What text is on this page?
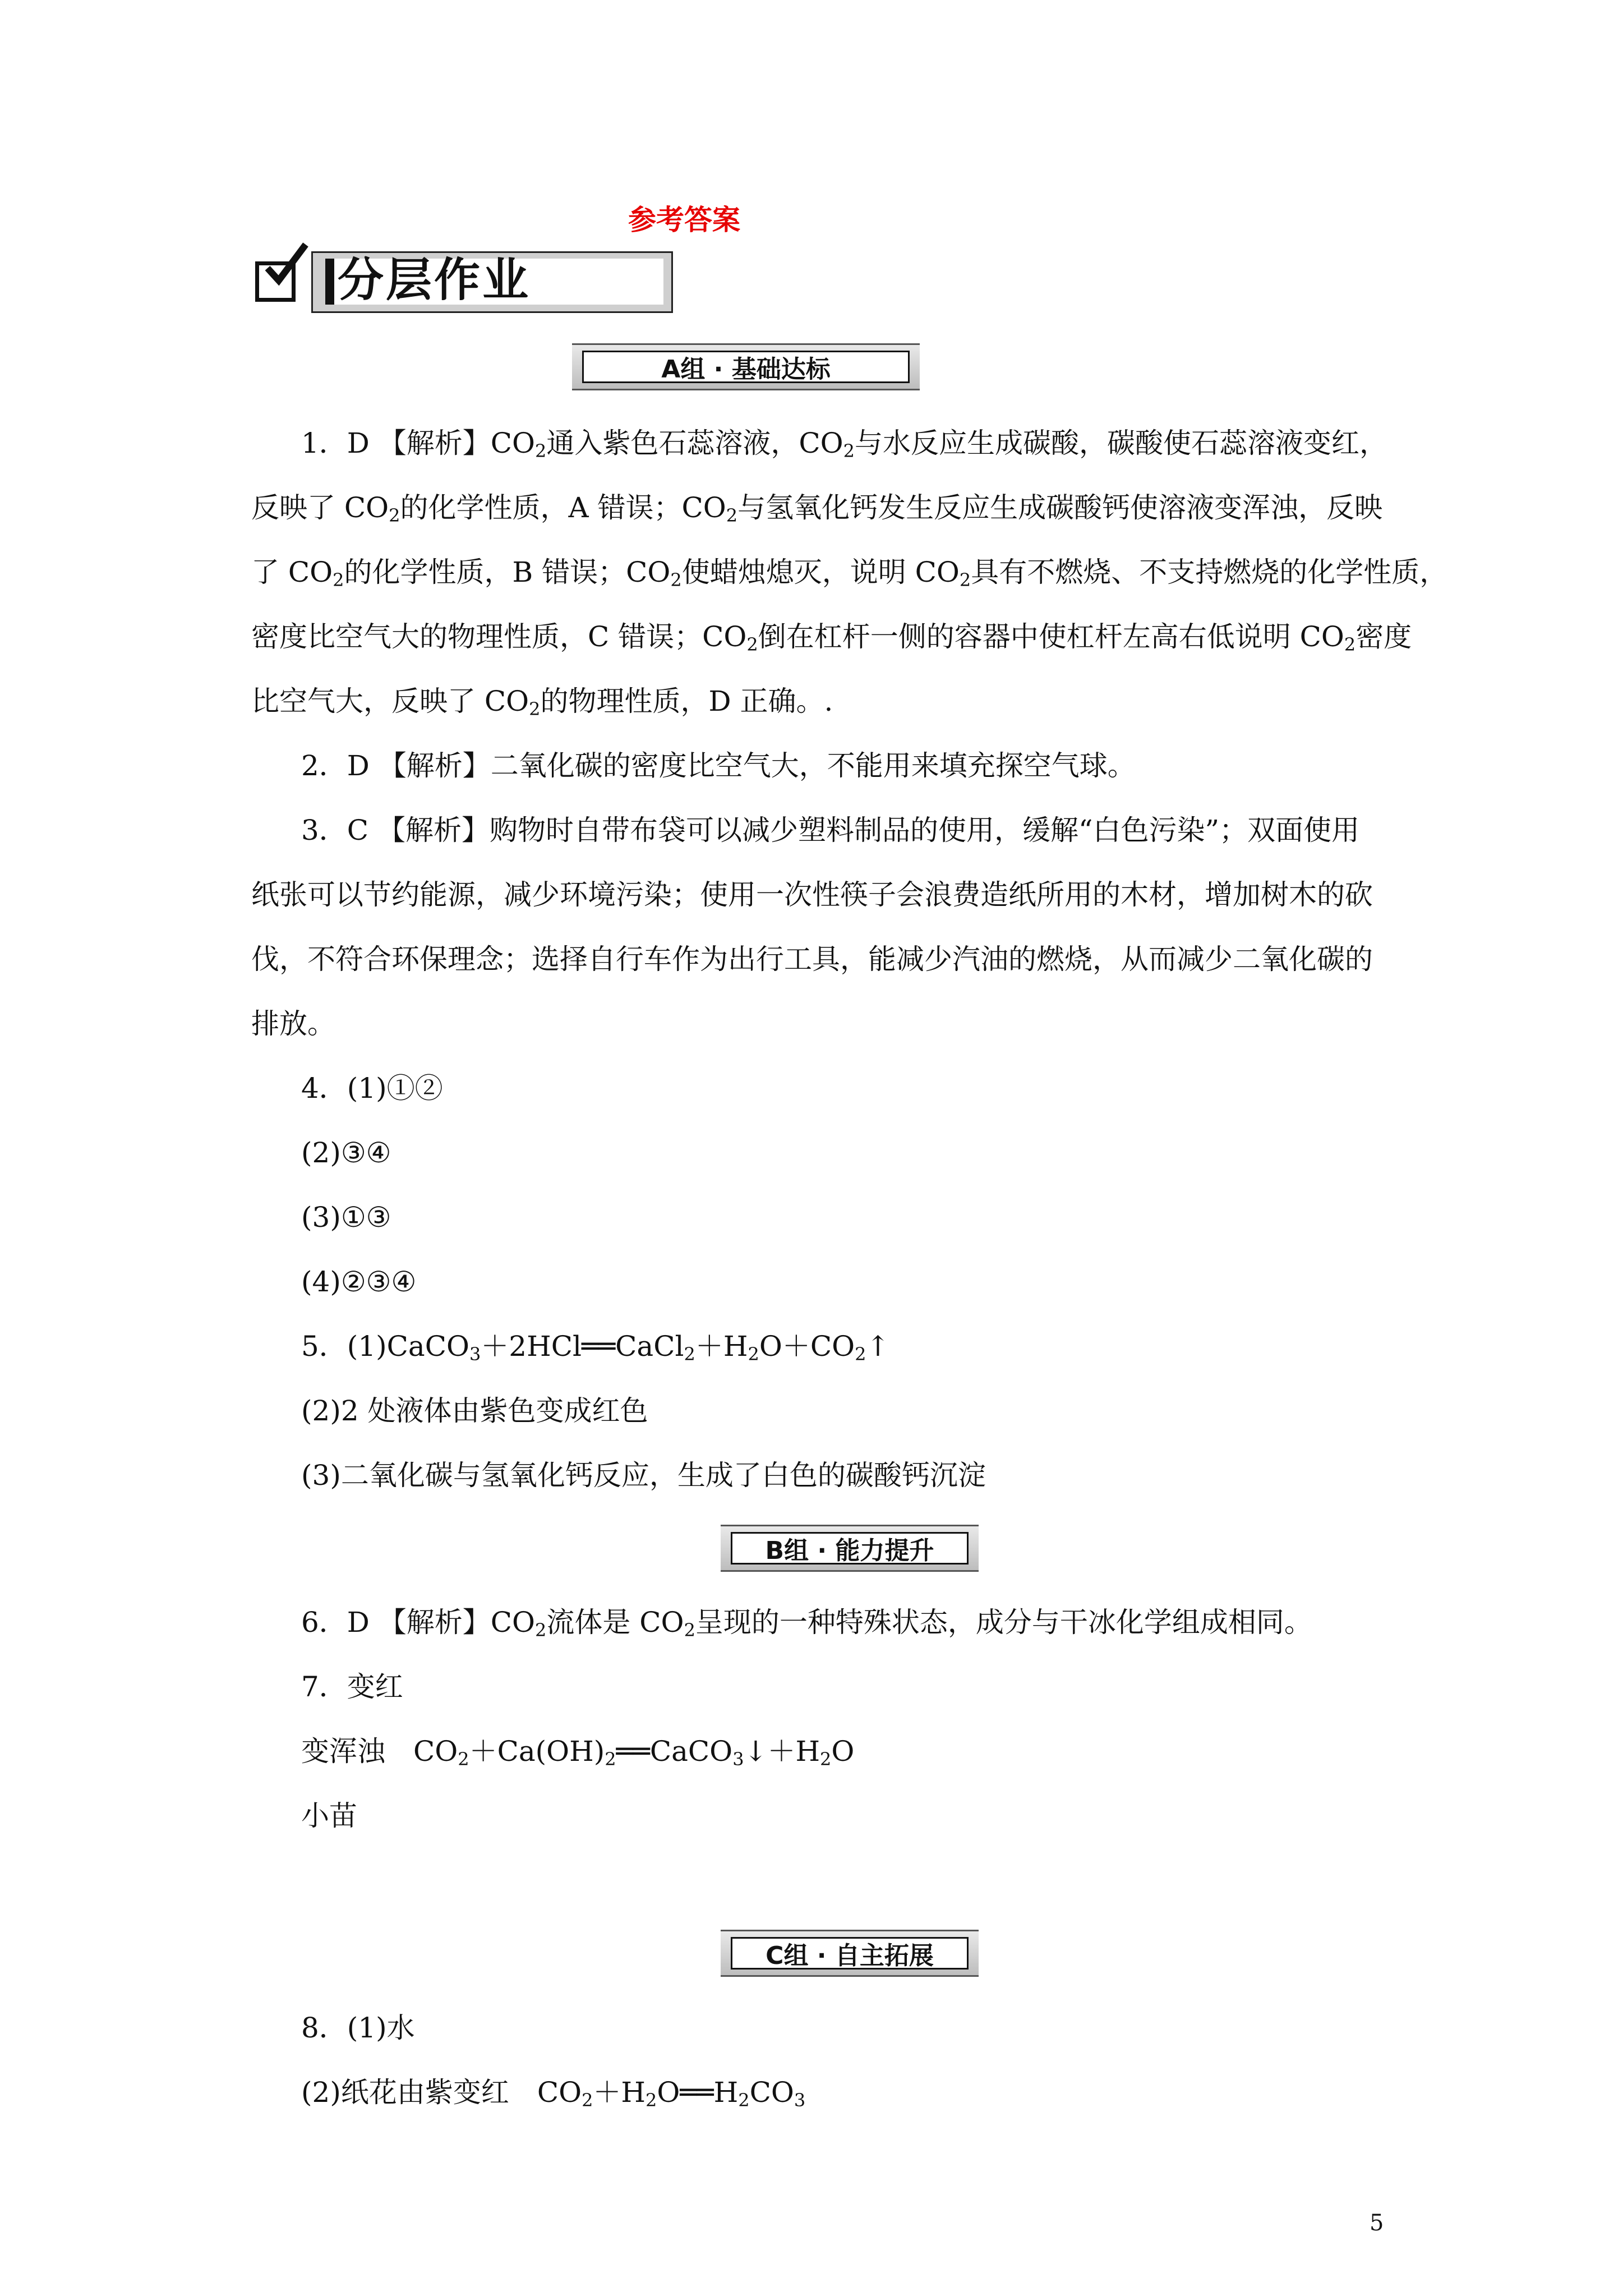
参考答案
分层作业
A组 · 基础达标
1．D 【解析】$CO_2$通入紫色石蕊溶液，$CO_2$与水反应生成碳酸，碳酸使石蕊溶液变红，
反映了 $CO_2$的化学性质，A 错误；$CO_2$与氢氧化钙发生反应生成碳酸钙使溶液变浑浊，反映
了 $CO_2$的化学性质，B 错误；$CO_2$使蜡烛熄灭，说明 $CO_2$具有不燃烧、不支持燃烧的化学性质，
密度比空气大的物理性质，C 错误；$CO_2$倒在杠杆一侧的容器中使杠杆左高右低说明 $CO_2$密度
比空气大，反映了 $CO_2$的物理性质，D 正确。.
2．D 【解析】二氧化碳的密度比空气大，不能用来填充探空气球。
3．C 【解析】购物时自带布袋可以减少塑料制品的使用，缓解“白色污染”；双面使用
纸张可以节约能源，减少环境污染；使用一次性筷子会浪费造纸所用的木材，增加树木的砍
伐，不符合环保理念；选择自行车作为出行工具，能减少汽油的燃烧，从而减少二氧化碳的
排放。
4．(1)①②
(2)③④
(3)①③
(4)②③④
5．$(1)CaCO_3+2HCl══CaCl_2+H_2O+CO_2↑$
(2)2 处液体由紫色变成红色
(3)二氧化碳与氢氧化钙反应，生成了白色的碳酸钙沉淀
B组 · 能力提升
6．D 【解析】$CO_2$流体是 $CO_2$呈现的一种特殊状态，成分与干冰化学组成相同。
7．变红
变浑浊　$CO_2+Ca(OH)_2══CaCO_3↓+H_2O$
小苗
C组 · 自主拓展
8．(1)水
(2)纸花由紫变红　$CO_2+H_2O══H_2CO_3$
5
